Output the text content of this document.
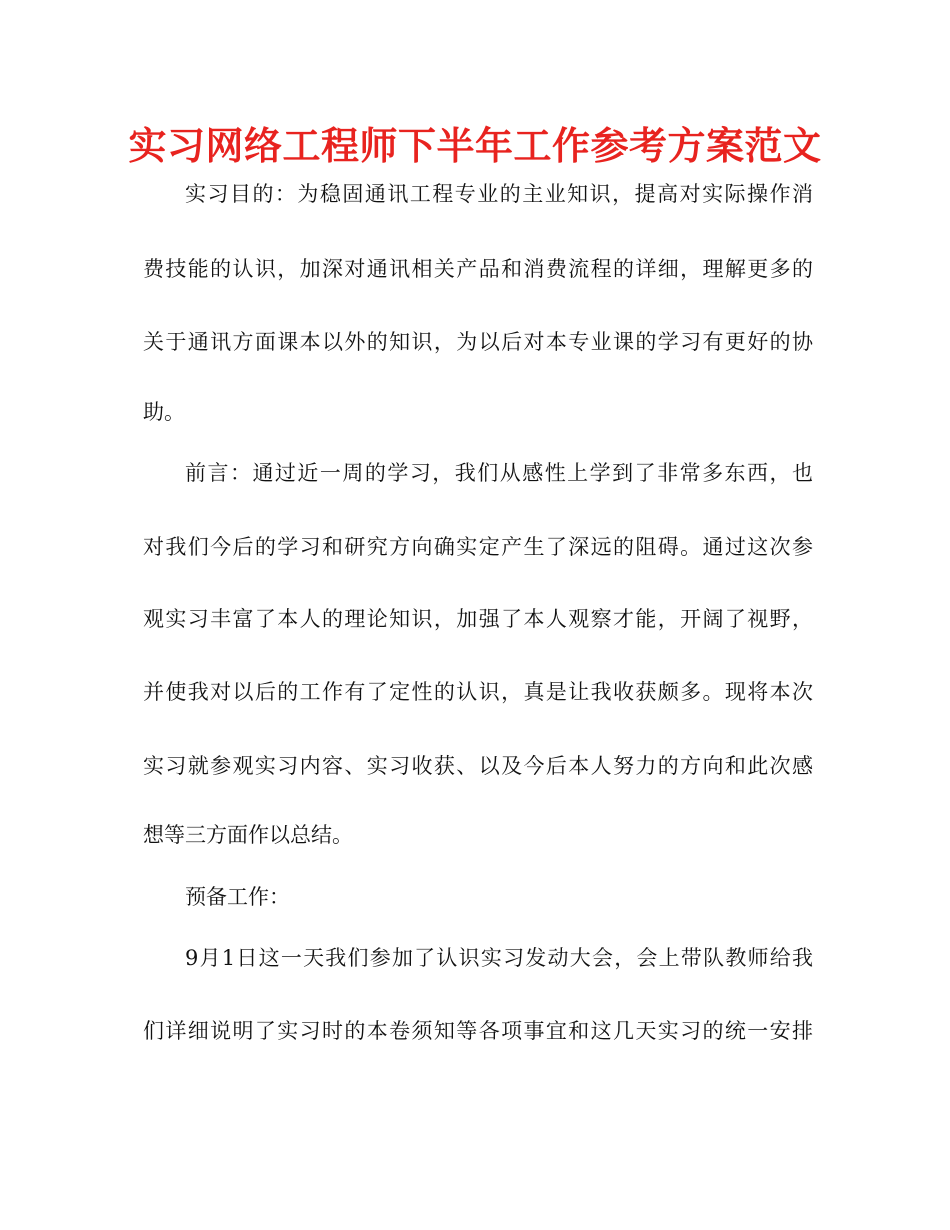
实习网络工程师下半年工作参考方案范文
实习目的：为稳固通讯工程专业的主业知识，提高对实际操作消
费技能的认识，加深对通讯相关产品和消费流程的详细，理解更多的
关于通讯方面课本以外的知识，为以后对本专业课的学习有更好的协
助。
前言：通过近一周的学习，我们从感性上学到了非常多东西，也
对我们今后的学习和研究方向确实定产生了深远的阻碍。通过这次参
观实习丰富了本人的理论知识，加强了本人观察才能，开阔了视野，
并使我对以后的工作有了定性的认识，真是让我收获颇多。现将本次
实习就参观实习内容、实习收获、以及今后本人努力的方向和此次感
想等三方面作以总结。
预备工作：
9月1日这一天我们参加了认识实习发动大会，会上带队教师给我
们详细说明了实习时的本卷须知等各项事宜和这几天实习的统一安排
